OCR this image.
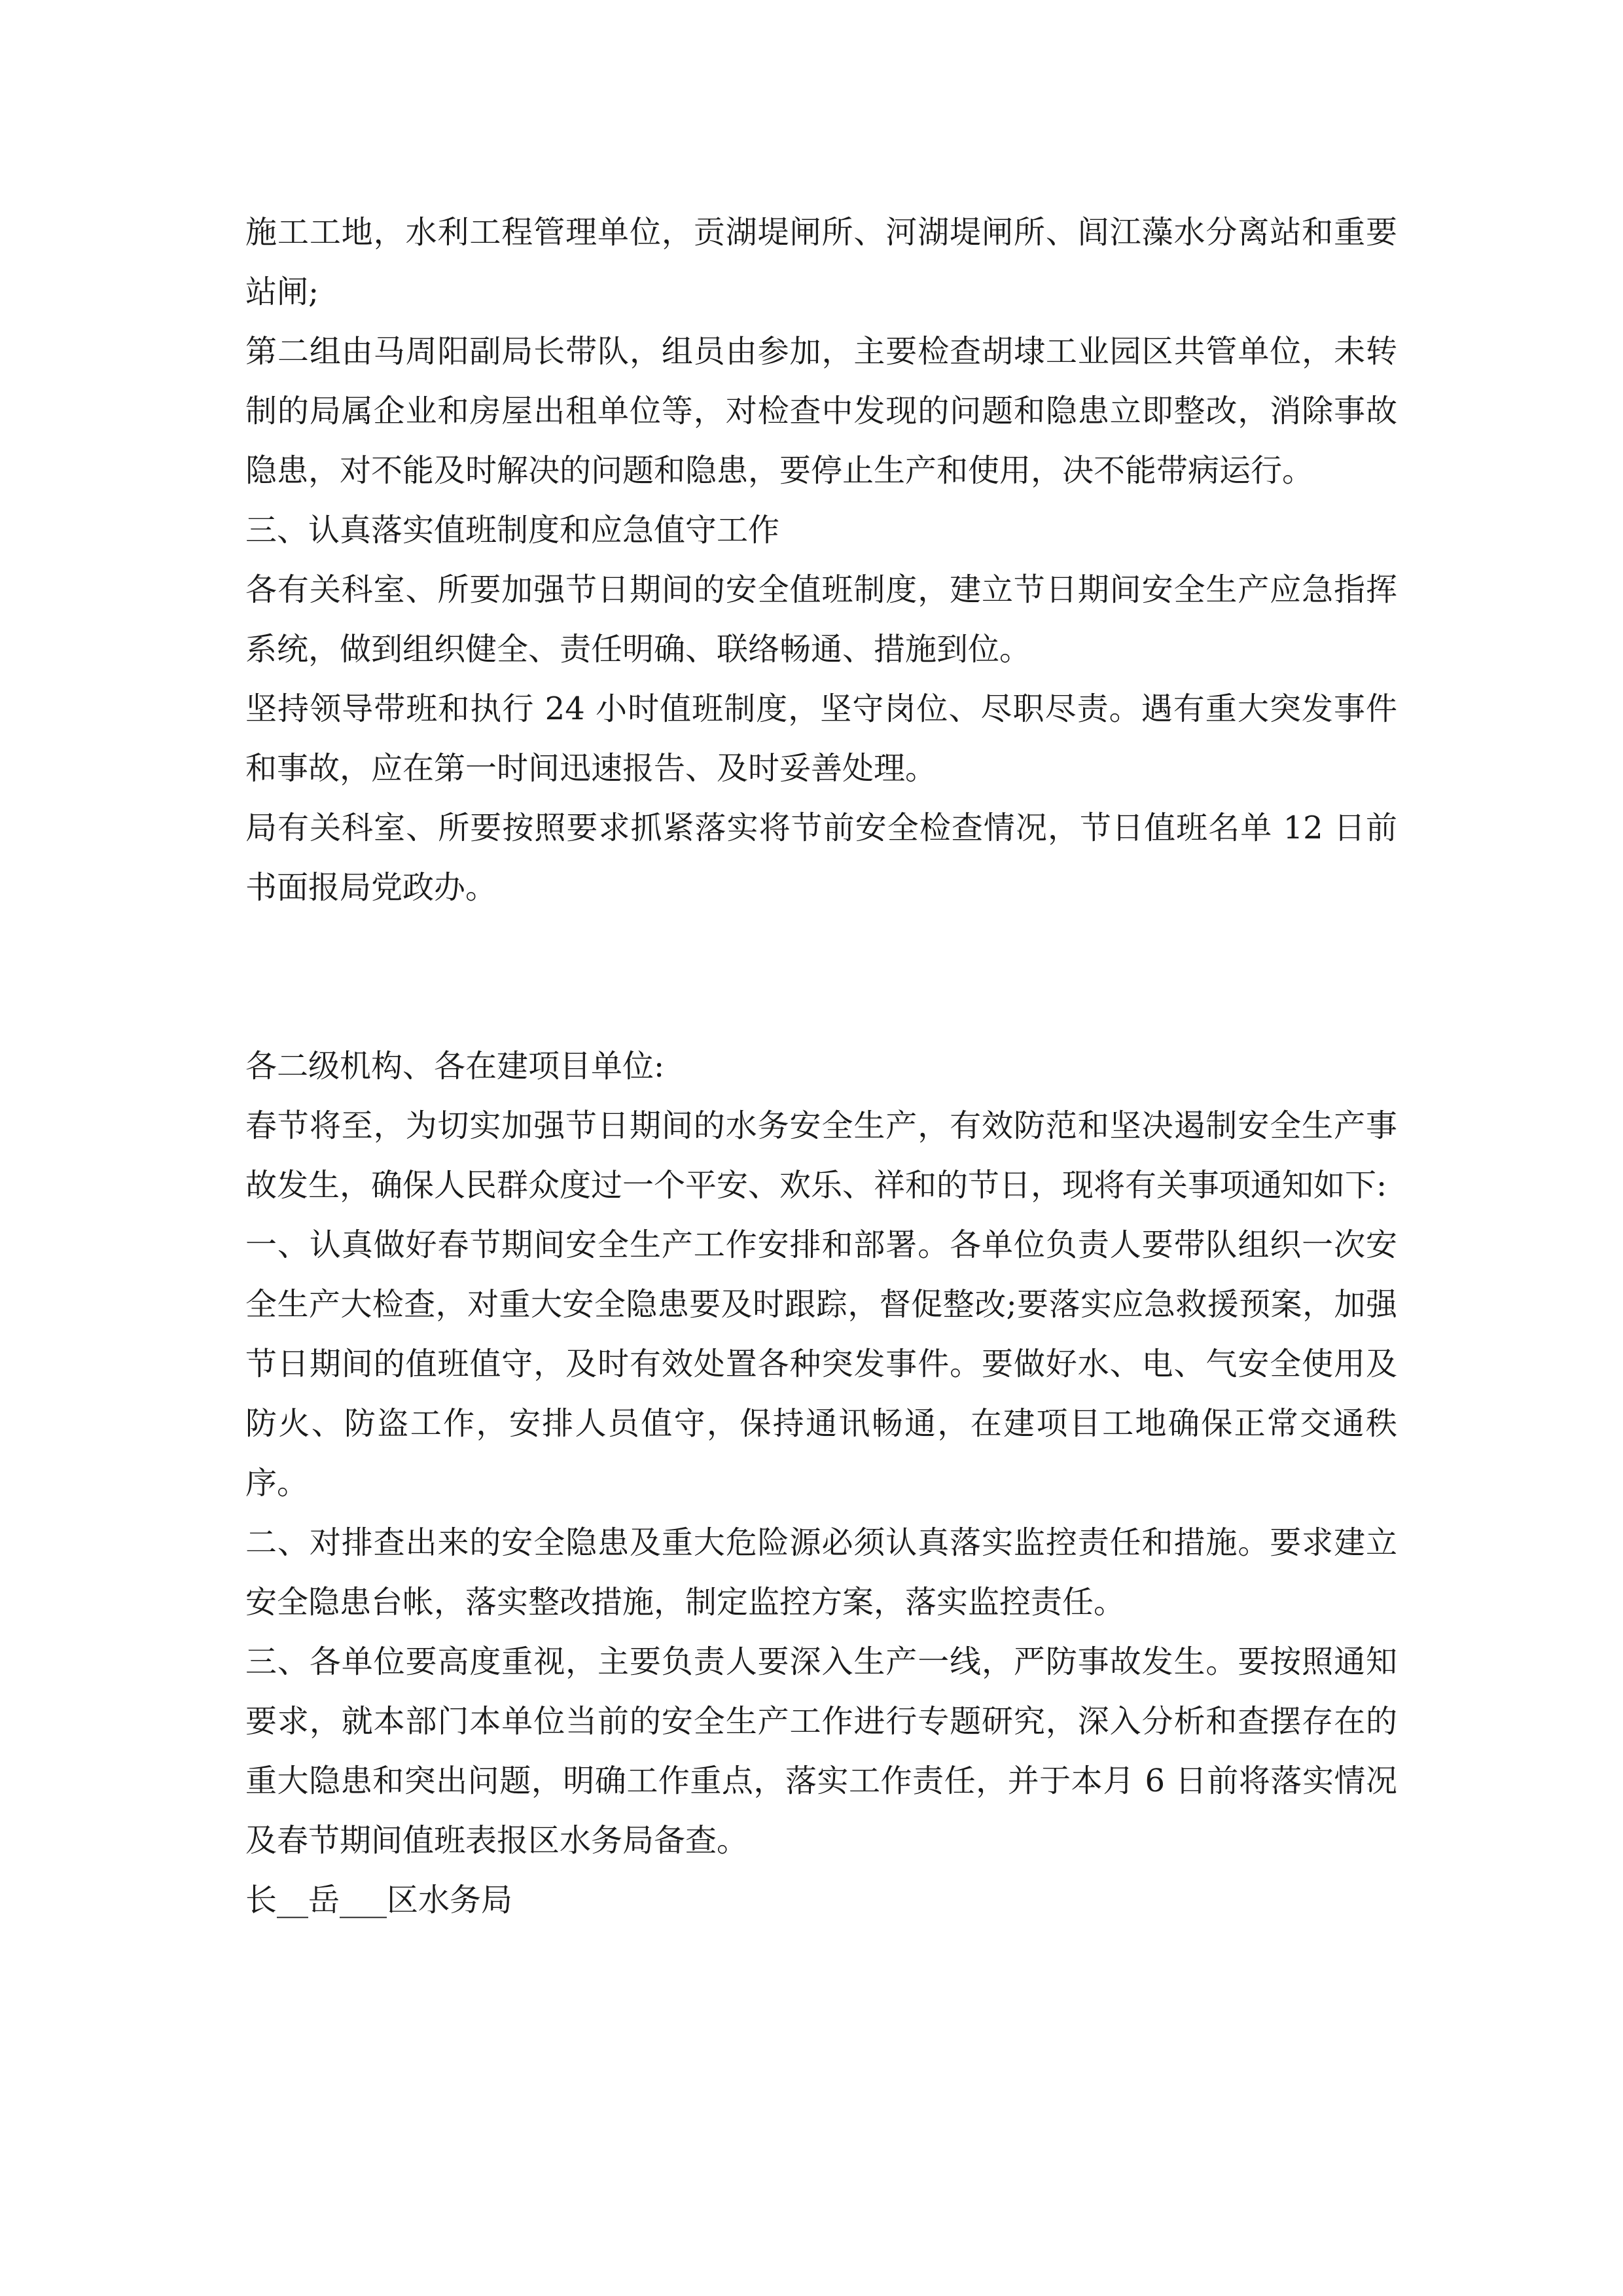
施工工地，水利工程管理单位，贡湖堤闸所、河湖堤闸所、闾江藻水分离站和重要站闸;

第二组由马周阳副局长带队，组员由参加，主要检查胡埭工业园区共管单位，未转制的局属企业和房屋出租单位等，对检查中发现的问题和隐患立即整改，消除事故隐患，对不能及时解决的问题和隐患，要停止生产和使用，决不能带病运行。

三、认真落实值班制度和应急值守工作

各有关科室、所要加强节日期间的安全值班制度，建立节日期间安全生产应急指挥系统，做到组织健全、责任明确、联络畅通、措施到位。

坚持领导带班和执行 24 小时值班制度，坚守岗位、尽职尽责。遇有重大突发事件和事故，应在第一时间迅速报告、及时妥善处理。

局有关科室、所要按照要求抓紧落实将节前安全检查情况，节日值班名单 12 日前书面报局党政办。

各二级机构、各在建项目单位:

春节将至，为切实加强节日期间的水务安全生产，有效防范和坚决遏制安全生产事故发生，确保人民群众度过一个平安、欢乐、祥和的节日，现将有关事项通知如下:

一、认真做好春节期间安全生产工作安排和部署。各单位负责人要带队组织一次安全生产大检查，对重大安全隐患要及时跟踪，督促整改;要落实应急救援预案，加强节日期间的值班值守，及时有效处置各种突发事件。要做好水、电、气安全使用及防火、防盗工作，安排人员值守，保持通讯畅通，在建项目工地确保正常交通秩序。

二、对排查出来的安全隐患及重大危险源必须认真落实监控责任和措施。要求建立安全隐患台帐，落实整改措施，制定监控方案，落实监控责任。

三、各单位要高度重视，主要负责人要深入生产一线，严防事故发生。要按照通知要求，就本部门本单位当前的安全生产工作进行专题研究，深入分析和查摆存在的重大隐患和突出问题，明确工作重点，落实工作责任，并于本月 6 日前将落实情况及春节期间值班表报区水务局备查。

长__岳___区水务局
